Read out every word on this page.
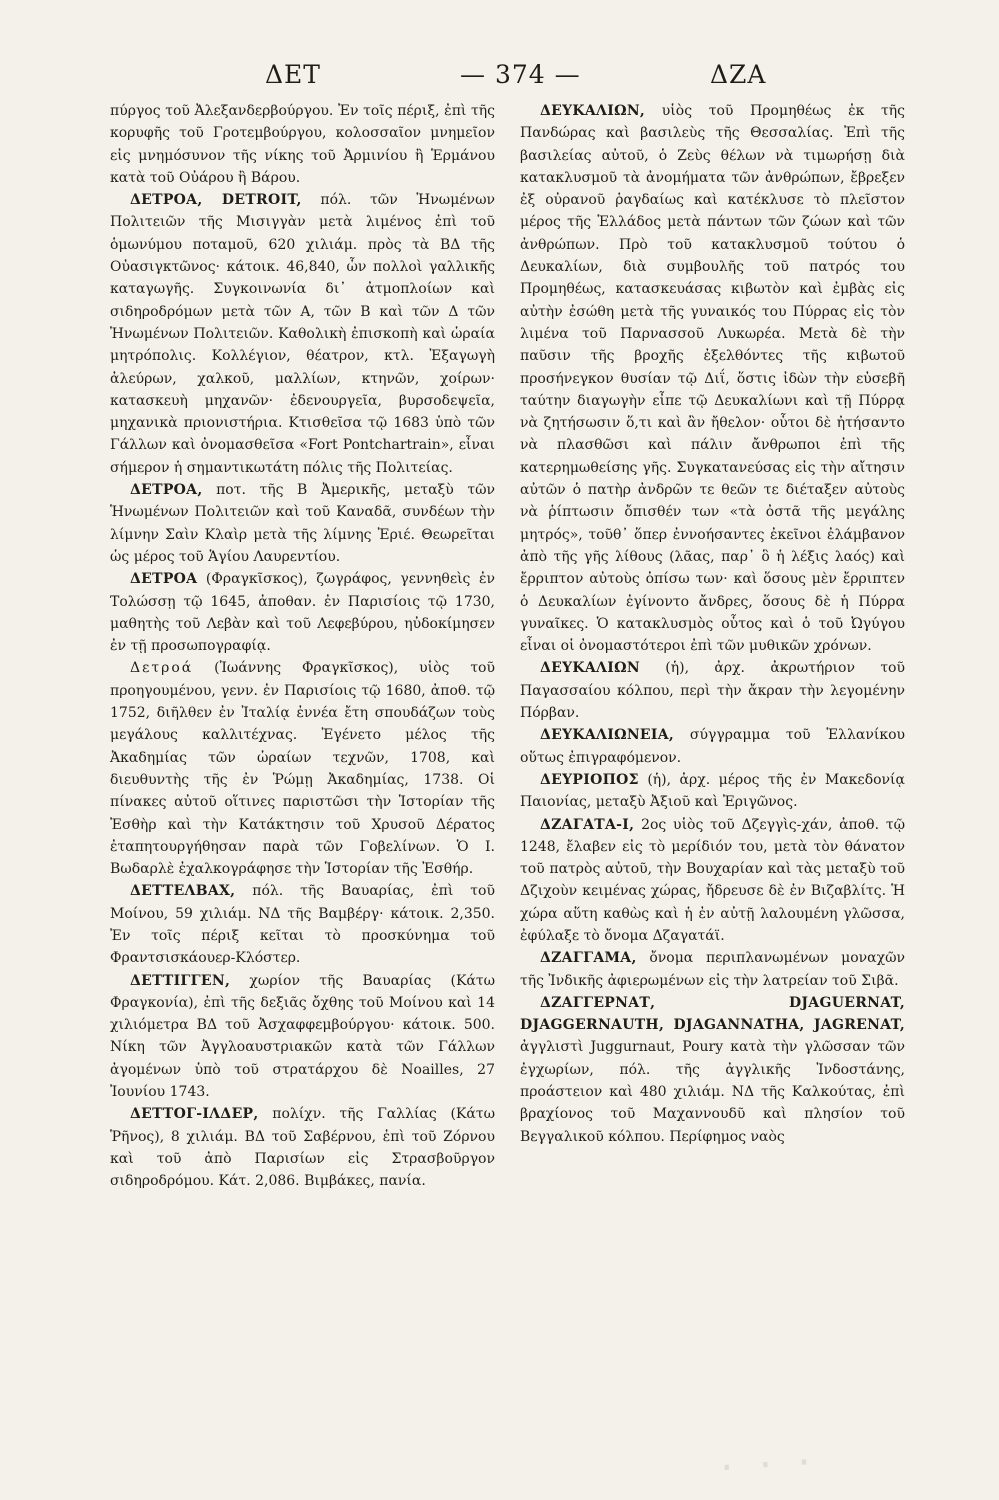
ΔΕΤ	— 374 —	ΔΖΑ

πύργος τοῦ Ἀλεξανδερβούργου. Ἐν τοῖς πέριξ, ἐπὶ τῆς κορυφῆς τοῦ Γροτεμβούργου, κολοσσαῖον μνημεῖον εἰς μνημόσυνον τῆς νίκης τοῦ Ἀρμινίου ἢ Ἑρμάνου κατὰ τοῦ Οὐάρου ἢ Βάρου.

ΔΕΤΡΟΑ, DETROIT, πόλ. τῶν Ἡνωμένων Πολιτειῶν τῆς Μισιγγὰν μετὰ λιμένος ἐπὶ τοῦ ὁμωνύμου ποταμοῦ, 620 χιλιάμ. πρὸς τὰ ΒΔ τῆς Οὐασιγκτῶνος· κάτοικ. 46,840, ὧν πολλοὶ γαλλικῆς καταγωγῆς. Συγκοινωνία δι᾽ ἀτμοπλοίων καὶ σιδηροδρόμων μετὰ τῶν Α, τῶν Β καὶ τῶν Δ τῶν Ἡνωμένων Πολιτειῶν. Καθολικὴ ἐπισκοπὴ καὶ ὡραία μητρόπολις. Κολλέγιον, θέατρον, κτλ. Ἐξαγωγὴ ἀλεύρων, χαλκοῦ, μαλλίων, κτηνῶν, χοίρων· κατασκευὴ μηχανῶν· ἐδενουργεῖα, βυρσοδεψεῖα, μηχανικὰ πριονιστήρια. Κτισθεῖσα τῷ 1683 ὑπὸ τῶν Γάλλων καὶ ὀνομασθεῖσα «Fort Pontchartrain», εἶναι σήμερον ἡ σημαντικωτάτη πόλις τῆς Πολιτείας.

ΔΕΤΡΟΑ, ποτ. τῆς Β Ἀμερικῆς, μεταξὺ τῶν Ἡνωμένων Πολιτειῶν καὶ τοῦ Καναδᾶ, συνδέων τὴν λίμνην Σαὶν Κλαὶρ μετὰ τῆς λίμνης Ἐριέ. Θεωρεῖται ὡς μέρος τοῦ Ἁγίου Λαυρεντίου.

ΔΕΤΡΟΑ (Φραγκῖσκος), ζωγράφος, γεννηθεὶς ἐν Τολώσσῃ τῷ 1645, ἀποθαν. ἐν Παρισίοις τῷ 1730, μαθητὴς τοῦ Λεβὰν καὶ τοῦ Λεφεβύρου, ηὐδοκίμησεν ἐν τῇ προσωπογραφίᾳ.

Δετροά (Ἰωάννης Φραγκῖσκος), υἱὸς τοῦ προηγουμένου, γενν. ἐν Παρισίοις τῷ 1680, ἀποθ. τῷ 1752, διῆλθεν ἐν Ἰταλίᾳ ἐννέα ἔτη σπουδάζων τοὺς μεγάλους καλλιτέχνας. Ἐγένετο μέλος τῆς Ἀκαδημίας τῶν ὡραίων τεχνῶν, 1708, καὶ διευθυντὴς τῆς ἐν Ῥώμῃ Ἀκαδημίας, 1738. Οἱ πίνακες αὐτοῦ οἵτινες παριστῶσι τὴν Ἱστορίαν τῆς Ἐσθὴρ καὶ τὴν Κατάκτησιν τοῦ Χρυσοῦ Δέρατος ἐταπητουργήθησαν παρὰ τῶν Γοβελίνων. Ὁ Ι. Βωδαρλὲ ἐχαλκογράφησε τὴν Ἱστορίαν τῆς Ἐσθήρ.

ΔΕΤΤΕΛΒΑΧ, πόλ. τῆς Βαυαρίας, ἐπὶ τοῦ Μοίνου, 59 χιλιάμ. ΝΔ τῆς Βαμβέργ· κάτοικ. 2,350. Ἐν τοῖς πέριξ κεῖται τὸ προσκύνημα τοῦ Φραντσισκάουερ-Κλόστερ.

ΔΕΤΤΙΓΓΕΝ, χωρίον τῆς Βαυαρίας (Κάτω Φραγκονία), ἐπὶ τῆς δεξιᾶς ὄχθης τοῦ Μοίνου καὶ 14 χιλιόμετρα ΒΔ τοῦ Ἀσχαφφεμβούργου· κάτοικ. 500. Νίκη τῶν Ἀγγλοαυστριακῶν κατὰ τῶν Γάλλων ἀγομένων ὑπὸ τοῦ στρατάρχου δὲ Noailles, 27 Ἰουνίου 1743.

ΔΕΤΤΟΓ-ΙΛΔΕΡ, πολίχν. τῆς Γαλλίας (Κάτω Ῥῆνος), 8 χιλιάμ. ΒΔ τοῦ Σαβέρνου, ἐπὶ τοῦ Ζόρνου καὶ τοῦ ἀπὸ Παρισίων εἰς Στρασβοῦργον σιδηροδρόμου. Κάτ. 2,086. Βιμβάκες, πανία.

ΔΕΥΚΑΛΙΩΝ, υἱὸς τοῦ Προμηθέως ἐκ τῆς Πανδώρας καὶ βασιλεὺς τῆς Θεσσαλίας. Ἐπὶ τῆς βασιλείας αὐτοῦ, ὁ Ζεὺς θέλων νὰ τιμωρήσῃ διὰ κατακλυσμοῦ τὰ ἀνομήματα τῶν ἀνθρώπων, ἔβρεξεν ἐξ οὐρανοῦ ῥαγδαίως καὶ κατέκλυσε τὸ πλεῖστον μέρος τῆς Ἑλλάδος μετὰ πάντων τῶν ζώων καὶ τῶν ἀνθρώπων. Πρὸ τοῦ κατακλυσμοῦ τούτου ὁ Δευκαλίων, διὰ συμβουλῆς τοῦ πατρός του Προμηθέως, κατασκευάσας κιβωτὸν καὶ ἐμβὰς εἰς αὐτὴν ἐσώθη μετὰ τῆς γυναικός του Πύρρας εἰς τὸν λιμένα τοῦ Παρνασσοῦ Λυκωρέα. Μετὰ δὲ τὴν παῦσιν τῆς βροχῆς ἐξελθόντες τῆς κιβωτοῦ προσήνεγκον θυσίαν τῷ Διΐ, ὅστις ἰδὼν τὴν εὐσεβῆ ταύτην διαγωγὴν εἶπε τῷ Δευκαλίωνι καὶ τῇ Πύρρᾳ νὰ ζητήσωσιν ὅ,τι καὶ ἂν ἤθελον· οὗτοι δὲ ἠτήσαντο νὰ πλασθῶσι καὶ πάλιν ἄνθρωποι ἐπὶ τῆς κατερημωθείσης γῆς. Συγκατανεύσας εἰς τὴν αἴτησιν αὐτῶν ὁ πατὴρ ἀνδρῶν τε θεῶν τε διέταξεν αὐτοὺς νὰ ῥίπτωσιν ὄπισθέν των «τὰ ὀστᾶ τῆς μεγάλης μητρός», τοῦθ᾽ ὅπερ ἐννοήσαντες ἐκεῖνοι ἐλάμβανον ἀπὸ τῆς γῆς λίθους (λᾶας, παρ᾽ ὃ ἡ λέξις λαός) καὶ ἔρριπτον αὐτοὺς ὀπίσω των· καὶ ὅσους μὲν ἔρριπτεν ὁ Δευκαλίων ἐγίνοντο ἄνδρες, ὅσους δὲ ἡ Πύρρα γυναῖκες. Ὁ κατακλυσμὸς οὗτος καὶ ὁ τοῦ Ὠγύγου εἶναι οἱ ὀνομαστότεροι ἐπὶ τῶν μυθικῶν χρόνων.

ΔΕΥΚΑΛΙΩΝ (ἡ), ἀρχ. ἀκρωτήριον τοῦ Παγασσαίου κόλπου, περὶ τὴν ἄκραν τὴν λεγομένην Πόρβαν.

ΔΕΥΚΑΛΙΩΝΕΙΑ, σύγγραμμα τοῦ Ἑλλανίκου οὕτως ἐπιγραφόμενον.

ΔΕΥΡΙΟΠΟΣ (ἡ), ἀρχ. μέρος τῆς ἐν Μακεδονίᾳ Παιονίας, μεταξὺ Ἀξιοῦ καὶ Ἐριγῶνος.

ΔΖΑΓΑΤΑ-Ι, 2ος υἱὸς τοῦ Δζεγγὶς-χάν, ἀποθ. τῷ 1248, ἔλαβεν εἰς τὸ μερίδιόν του, μετὰ τὸν θάνατον τοῦ πατρὸς αὐτοῦ, τὴν Βουχαρίαν καὶ τὰς μεταξὺ τοῦ Δζιχοὺν κειμένας χώρας, ἤδρευσε δὲ ἐν Βιζαβλίτς. Ἡ χώρα αὕτη καθὼς καὶ ἡ ἐν αὐτῇ λαλουμένη γλῶσσα, ἐφύλαξε τὸ ὄνομα Δζαγατάϊ.

ΔΖΑΓΓΑΜΑ, ὄνομα περιπλανωμένων μοναχῶν τῆς Ἰνδικῆς ἀφιερωμένων εἰς τὴν λατρείαν τοῦ Σιβᾶ.

ΔΖΑΓΓΕΡΝΑΤ, DJAGUERNAT, DJAGGERNAUTH, DJAGANNATHA, JAGRENAT, ἀγγλιστὶ Juggurnaut, Poury κατὰ τὴν γλῶσσαν τῶν ἐγχωρίων, πόλ. τῆς ἀγγλικῆς Ἰνδοστάνης, προάστειον καὶ 480 χιλιάμ. ΝΔ τῆς Καλκούτας, ἐπὶ βραχίονος τοῦ Μαχαννουδῦ καὶ πλησίον τοῦ Βεγγαλικοῦ κόλπου. Περίφημος ναὸς

· · ·
